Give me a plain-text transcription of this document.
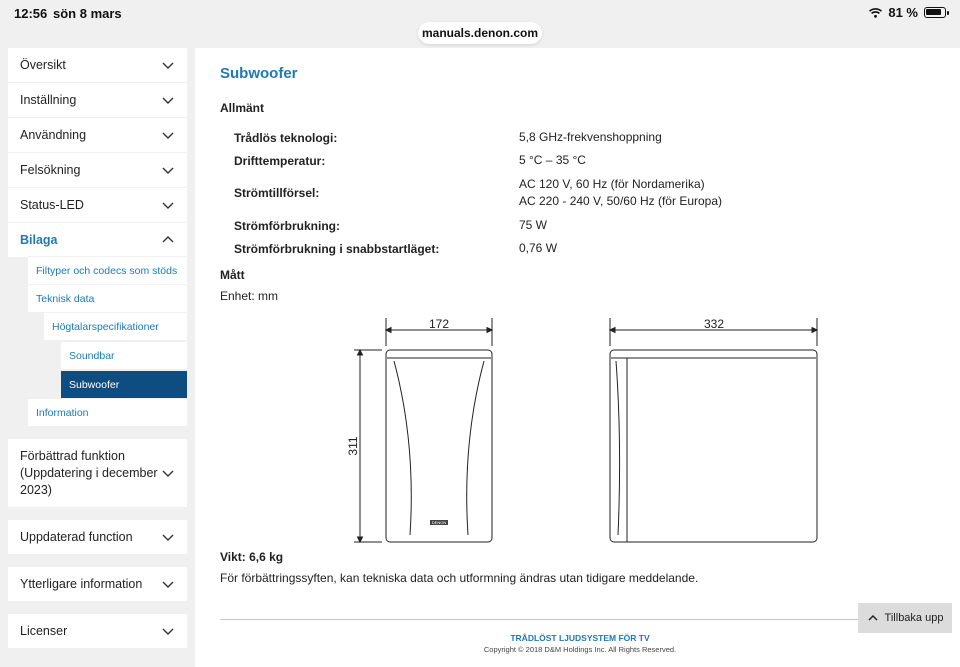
12:56 sön 8 mars	81 %
manuals.denon.com
Översikt
Inställning
Användning
Felsökning
Status-LED
Bilaga
Filtyper och codecs som stöds
Teknisk data
Högtalarspecifikationer
Soundbar
Subwoofer
Information
Förbättrad funktion (Uppdatering i december 2023)
Uppdaterad function
Ytterligare information
Licenser
Subwoofer
Allmänt
Trådlös teknologi:	5,8 GHz-frekvenshoppning
Drifttemperatur:	5 °C – 35 °C
Strömtillförsel:
AC 120 V, 60 Hz (för Nordamerika)
AC 220 - 240 V, 50/60 Hz (för Europa)
Strömförbrukning:	75 W
Strömförbrukning i snabbstartläget:	0,76 W
Mått
Enhet: mm
Vikt: 6,6 kg
För förbättringssyften, kan tekniska data och utformning ändras utan tidigare meddelande.
172	332
311
DENON
TRÅDLÖST LJUDSYSTEM FÖR TV
Copyright © 2018 D&M Holdings Inc. All Rights Reserved.
Tillbaka upp
